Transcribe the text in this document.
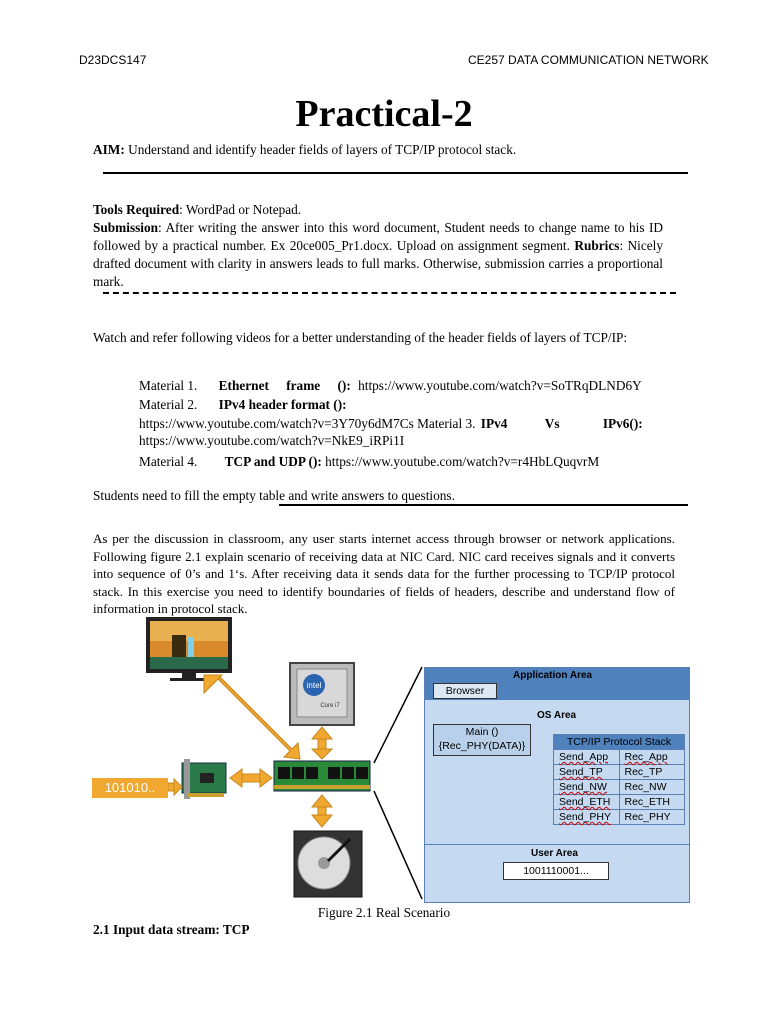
D23DCS147	CE257 DATA COMMUNICATION NETWORK
Practical-2
AIM: Understand and identify header fields of layers of TCP/IP protocol stack.
Tools Required: WordPad or Notepad.
Submission: After writing the answer into this word document, Student needs to change name to his ID followed by a practical number. Ex 20ce005_Pr1.docx. Upload on assignment segment. Rubrics: Nicely drafted document with clarity in answers leads to full marks. Otherwise, submission carries a proportional mark.
Watch and refer following videos for a better understanding of the header fields of layers of TCP/IP:
Material 1. Ethernet frame (): https://www.youtube.com/watch?v=SoTRqDLND6Y
Material 2. IPv4 header format ():
https://www.youtube.com/watch?v=3Y70y6dM7Cs Material 3. IPv4	Vs	IPv6():
https://www.youtube.com/watch?v=NkE9_iRPi1I
Material 4. TCP and UDP (): https://www.youtube.com/watch?v=r4HbLQuqvrM
Students need to fill the empty table and write answers to questions.
As per the discussion in classroom, any user starts internet access through browser or network applications. Following figure 2.1 explain scenario of receiving data at NIC Card. NIC card receives signals and it converts into sequence of 0’s and 1‘s. After receiving data it sends data for the further processing to TCP/IP protocol stack. In this exercise you need to identify boundaries of fields of headers, describe and understand flow of information in protocol stack.
intel
Core i7
101010..
Application Area
Browser
OS Area
Main ()
{Rec_PHY(DATA)}	TCP/IP Protocol Stack
Send_App	Rec_App
Send_TP	Rec_TP
Send_NW	Rec_NW
Send_ETH	Rec_ETH
Send_PHY	Rec_PHY
User Area
1001110001...
Figure 2.1 Real Scenario
2.1 Input data stream: TCP
